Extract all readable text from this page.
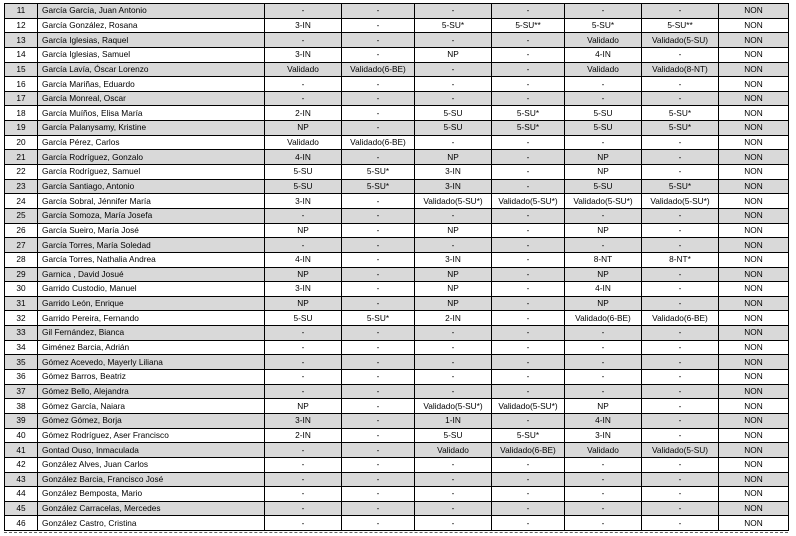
11	García García, Juan Antonio	-	-	-	-	-	-	NON
12	García González, Rosana	3-IN	-	5-SU*	5-SU**	5-SU*	5-SU**	NON
13	García Iglesias, Raquel	-	-	-	-	Validado	Validado(5-SU)	NON
14	García Iglesias, Samuel	3-IN	-	NP	-	4-IN	-	NON
15	García Lavía, Óscar Lorenzo	Validado	Validado(6-BE)	-	-	Validado	Validado(8-NT)	NON
16	García Mariñas, Eduardo	-	-	-	-	-	-	NON
17	García Monreal, Oscar	-	-	-	-	-	-	NON
18	García Muíños, Elisa María	2-IN	-	5-SU	5-SU*	5-SU	5-SU*	NON
19	García Palanysamy, Kristine	NP	-	5-SU	5-SU*	5-SU	5-SU*	NON
20	García Pérez, Carlos	Validado	Validado(6-BE)	-	-	-	-	NON
21	García Rodríguez, Gonzalo	4-IN	-	NP	-	NP	-	NON
22	García Rodríguez, Samuel	5-SU	5-SU*	3-IN	-	NP	-	NON
23	García Santiago, Antonio	5-SU	5-SU*	3-IN	-	5-SU	5-SU*	NON
24	García Sobral, Jénnifer María	3-IN	-	Validado(5-SU*)	Validado(5-SU*)	Validado(5-SU*)	Validado(5-SU*)	NON
25	García Somoza, María Josefa	-	-	-	-	-	-	NON
26	García Sueiro, María José	NP	-	NP	-	NP	-	NON
27	García Torres, María Soledad	-	-	-	-	-	-	NON
28	García Torres, Nathalia Andrea	4-IN	-	3-IN	-	8-NT	8-NT*	NON
29	Garnica , David Josué	NP	-	NP	-	NP	-	NON
30	Garrido Custodio, Manuel	3-IN	-	NP	-	4-IN	-	NON
31	Garrido León, Enrique	NP	-	NP	-	NP	-	NON
32	Garrido Pereira, Fernando	5-SU	5-SU*	2-IN	-	Validado(6-BE)	Validado(6-BE)	NON
33	Gil Fernández, Bianca	-	-	-	-	-	-	NON
34	Giménez Barcia, Adrián	-	-	-	-	-	-	NON
35	Gómez Acevedo, Mayerly Liliana	-	-	-	-	-	-	NON
36	Gómez Barros, Beatriz	-	-	-	-	-	-	NON
37	Gómez Bello, Alejandra	-	-	-	-	-	-	NON
38	Gómez García, Naiara	NP	-	Validado(5-SU*)	Validado(5-SU*)	NP	-	NON
39	Gómez Gómez, Borja	3-IN	-	1-IN	-	4-IN	-	NON
40	Gómez Rodríguez, Aser Francisco	2-IN	-	5-SU	5-SU*	3-IN	-	NON
41	Gontad Ouso, Inmaculada	-	-	Validado	Validado(6-BE)	Validado	Validado(5-SU)	NON
42	González Alves, Juan Carlos	-	-	-	-	-	-	NON
43	González Barcia, Francisco José	-	-	-	-	-	-	NON
44	González Bemposta, Mario	-	-	-	-	-	-	NON
45	González Carracelas, Mercedes	-	-	-	-	-	-	NON
46	González Castro, Cristina	-	-	-	-	-	-	NON
